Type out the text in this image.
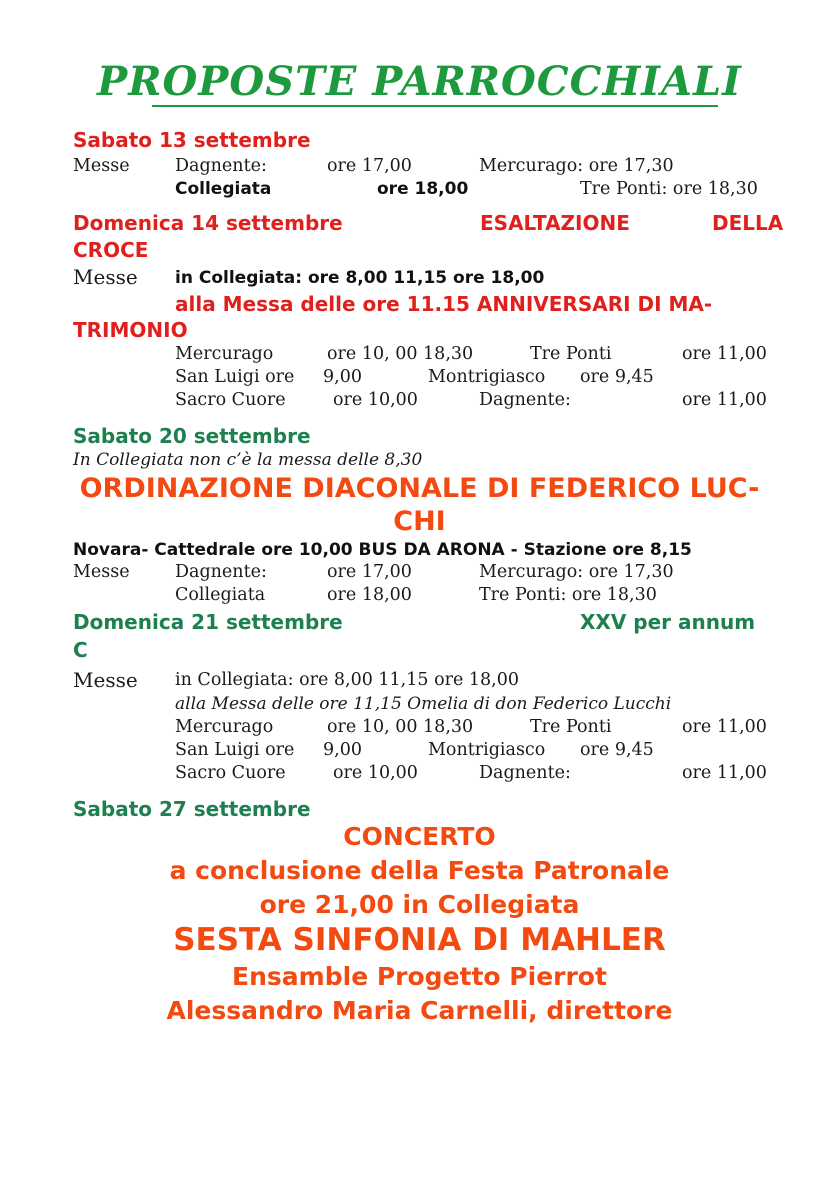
PROPOSTE PARROCCHIALI
Sabato 13 settembre
Messe	Dagnente:	ore 17,00	Mercurago: ore 17,30
Collegiata	ore 18,00	Tre Ponti: ore 18,30
Domenica 14 settembre	ESALTAZIONE	DELLA
CROCE
Messe in Collegiata: ore 8,00 11,15 ore 18,00
alla Messa delle ore 11.15 ANNIVERSARI DI MA-
TRIMONIO
Mercurago	ore 10, 00 18,30	Tre Ponti	ore 11,00
San Luigi ore 9,00	Montrigiasco ore 9,45
Sacro Cuore	ore 10,00	Dagnente:	ore 11,00
Sabato 20 settembre
In Collegiata non c’è la messa delle 8,30
ORDINAZIONE DIACONALE DI FEDERICO LUC-
CHI
Novara- Cattedrale ore 10,00 BUS DA ARONA - Stazione ore 8,15
Messe	Dagnente:	ore 17,00	Mercurago: ore 17,30
Collegiata	ore 18,00	Tre Ponti: ore 18,30
Domenica 21 settembre	XXV per annum
C
Messe in Collegiata: ore 8,00 11,15 ore 18,00
alla Messa delle ore 11,15 Omelia di don Federico Lucchi
Mercurago	ore 10, 00 18,30	Tre Ponti	ore 11,00
San Luigi ore 9,00	Montrigiasco ore 9,45
Sacro Cuore	ore 10,00	Dagnente:	ore 11,00
Sabato 27 settembre
CONCERTO
a conclusione della Festa Patronale
ore 21,00 in Collegiata
SESTA SINFONIA DI MAHLER
Ensamble Progetto Pierrot
Alessandro Maria Carnelli, direttore
